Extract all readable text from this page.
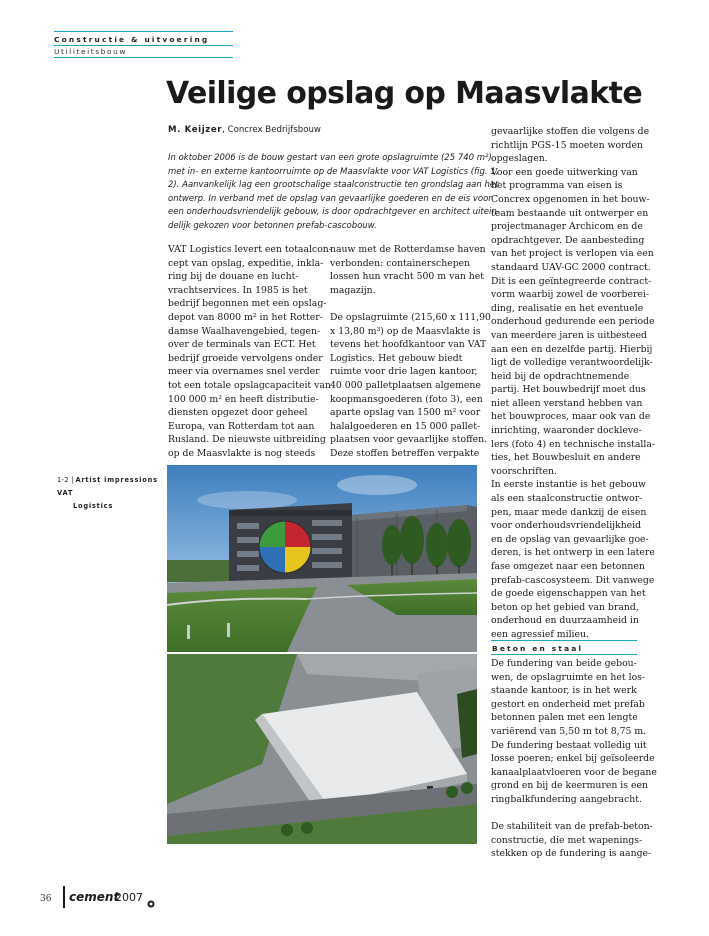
Constructie & uitvoering
Utiliteitsbouw
Veilige opslag op Maasvlakte
M. Keijzer, Concrex Bedrijfsbouw
In oktober 2006 is de bouw gestart van een grote opslagruimte (25 740 m²)
met in- en externe kantoorruimte op de Maasvlakte voor VAT Logistics (fig. 1,
2). Aanvankelijk lag een grootschalige staalconstructie ten grondslag aan het
ontwerp. In verband met de opslag van gevaarlijke goederen en de eis voor
een onderhoudsvriendelijk gebouw, is door opdrachtgever en architect uitein-
delijk gekozen voor betonnen prefab-cascobouw.
VAT Logistics levert een totaalcon-
cept van opslag, expeditie, inkla-
ring bij de douane en lucht-
vrachtservices. In 1985 is het
bedrijf begonnen met een opslag-
depot van 8000 m² in het Rotter-
damse Waalhavengebied, tegen-
over de terminals van ECT. Het
bedrijf groeide vervolgens onder
meer via overnames snel verder
tot een totale opslagcapaciteit van
100 000 m² en heeft distributie-
diensten opgezet door geheel
Europa, van Rotterdam tot aan
Rusland. De nieuwste uitbreiding
op de Maasvlakte is nog steeds
nauw met de Rotterdamse haven
verbonden: containerschepen
lossen hun vracht 500 m van het
magazijn.
De opslagruimte (215,60 x 111,90
x 13,80 m³) op de Maasvlakte is
tevens het hoofdkantoor van VAT
Logistics. Het gebouw biedt
ruimte voor drie lagen kantoor,
40 000 palletplaatsen algemene
koopmansgoederen (foto 3), een
aparte opslag van 1500 m² voor
halalgoederen en 15 000 pallet-
plaatsen voor gevaarlijke stoffen.
Deze stoffen betreffen verpakte
gevaarlijke stoffen die volgens de
richtlijn PGS-15 moeten worden
opgeslagen.
Voor een goede uitwerking van
het programma van eisen is
Concrex opgenomen in het bouw-
team bestaande uit ontwerper en
projectmanager Archicom en de
opdrachtgever. De aanbesteding
van het project is verlopen via een
standaard UAV-GC 2000 contract.
Dit is een geïntegreerde contract-
vorm waarbij zowel de voorberei-
ding, realisatie en het eventuele
onderhoud gedurende een periode
van meerdere jaren is uitbesteed
aan een en dezelfde partij. Hierbij
ligt de volledige verantwoordelijk-
heid bij de opdrachtnemende
partij. Het bouwbedrijf moet dus
niet alleen verstand hebben van
het bouwproces, maar ook van de
inrichting, waaronder dockleve-
lers (foto 4) en technische installa-
ties, het Bouwbesluit en andere
voorschriften.
In eerste instantie is het gebouw
als een staalconstructie ontwor-
pen, maar mede dankzij de eisen
voor onderhoudsvriendelijkheid
en de opslag van gevaarlijke goe-
deren, is het ontwerp in een latere
fase omgezet naar een betonnen
prefab-cascosysteem. Dit vanwege
de goede eigenschappen van het
beton op het gebied van brand,
onderhoud en duurzaamheid in
een agressief milieu.
Beton en staal
De fundering van beide gebou-
wen, de opslagruimte en het los-
staande kantoor, is in het werk
gestort en onderheid met prefab
betonnen palen met een lengte
variërend van 5,50 m tot 8,75 m.
De fundering bestaat volledig uit
losse poeren; enkel bij geïsoleerde
kanaalplaatvloeren voor de begane
grond en bij de keermuren is een
ringbalkfundering aangebracht.
De stabiliteit van de prefab-beton-
constructie, die met wapenings-
stekken op de fundering is aange-
1-2 | Artist impressions VAT
Logistics
36 cement
2007
